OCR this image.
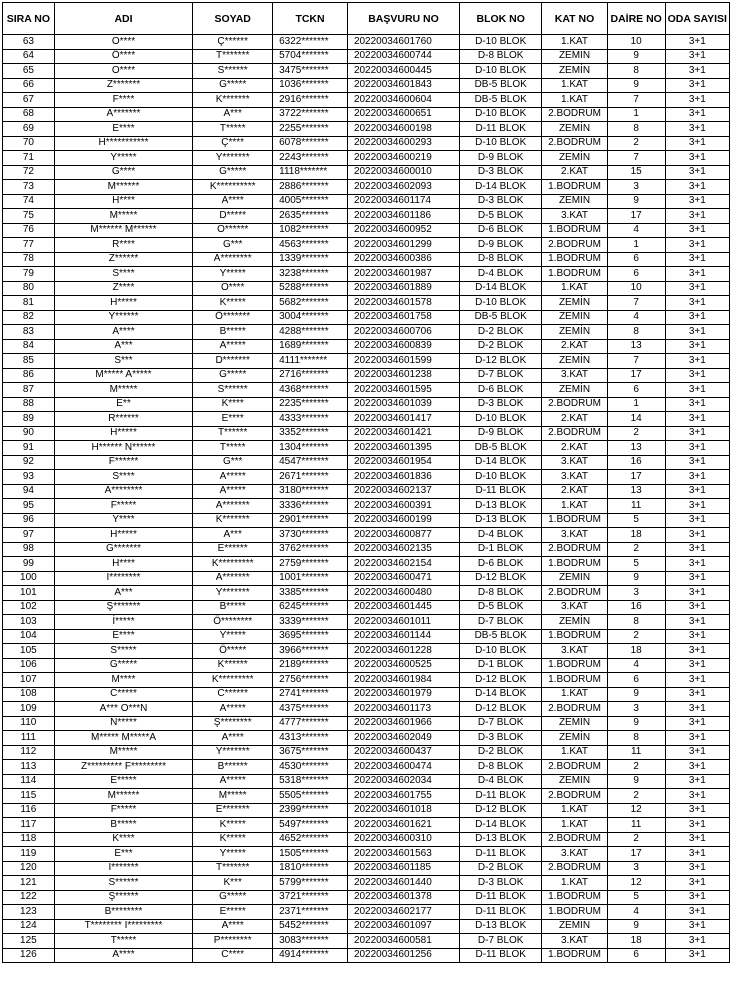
SIRA NO	ADI	SOYAD	TCKN	BAŞVURU NO	BLOK NO	KAT NO	DAİRE NO	ODA SAYISI
63	O****	Ç******	6322*******	20220034601760	D-10 BLOK	1.KAT	10	3+1
64	Ö****	T*******	5704*******	20220034600744	D-8 BLOK	ZEMİN	9	3+1
65	O****	S******	3475*******	20220034600445	D-10 BLOK	ZEMİN	8	3+1
66	Z*******	G*****	1036*******	20220034601843	DB-5 BLOK	1.KAT	9	3+1
67	F****	K*******	2916*******	20220034600604	DB-5 BLOK	1.KAT	7	3+1
68	A*******	A***	3722*******	20220034600651	D-10 BLOK	2.BODRUM	1	3+1
69	E****	T*****	2255*******	20220034600198	D-11 BLOK	ZEMİN	8	3+1
70	H***********	Ç****	6078*******	20220034600293	D-10 BLOK	2.BODRUM	2	3+1
71	Y*****	Y*******	2243*******	20220034600219	D-9 BLOK	ZEMİN	7	3+1
72	G****	G*****	1118*******	20220034600010	D-3 BLOK	2.KAT	15	3+1
73	M******	K**********	2886*******	20220034602093	D-14 BLOK	1.BODRUM	3	3+1
74	H****	A****	4005*******	20220034601174	D-3 BLOK	ZEMİN	9	3+1
75	M*****	D*****	2635*******	20220034601186	D-5 BLOK	3.KAT	17	3+1
76	M****** M******	O******	1082*******	20220034600952	D-6 BLOK	1.BODRUM	4	3+1
77	R****	G***	4563*******	20220034601299	D-9 BLOK	2.BODRUM	1	3+1
78	Z******	A********	1339*******	20220034600386	D-8 BLOK	1.BODRUM	6	3+1
79	S****	Y*****	3238*******	20220034601987	D-4 BLOK	1.BODRUM	6	3+1
80	Z****	O****	5288*******	20220034601889	D-14 BLOK	1.KAT	10	3+1
81	H*****	K*****	5682*******	20220034601578	D-10 BLOK	ZEMİN	7	3+1
82	Y******	Ö*******	3004*******	20220034601758	DB-5 BLOK	ZEMİN	4	3+1
83	A****	B*****	4288*******	20220034600706	D-2 BLOK	ZEMİN	8	3+1
84	A***	A*****	1689*******	20220034600839	D-2 BLOK	2.KAT	13	3+1
85	S***	D*******	4111*******	20220034601599	D-12 BLOK	ZEMİN	7	3+1
86	M***** A*****	G*****	2716*******	20220034601238	D-7 BLOK	3.KAT	17	3+1
87	M*****	S******	4368*******	20220034601595	D-6 BLOK	ZEMİN	6	3+1
88	E**	K****	2235*******	20220034601039	D-3 BLOK	2.BODRUM	1	3+1
89	R******	E****	4333*******	20220034601417	D-10 BLOK	2.KAT	14	3+1
90	H*****	T******	3352*******	20220034601421	D-9 BLOK	2.BODRUM	2	3+1
91	H****** N******	T*****	1304*******	20220034601395	DB-5 BLOK	2.KAT	13	3+1
92	F******	G***	4547*******	20220034601954	D-14 BLOK	3.KAT	16	3+1
93	S****	A*****	2671*******	20220034601836	D-10 BLOK	3.KAT	17	3+1
94	A********	A*****	3180*******	20220034602137	D-11 BLOK	2.KAT	13	3+1
95	F*****	A*******	3336*******	20220034600391	D-13 BLOK	1.KAT	11	3+1
96	Y****	K*******	2901*******	20220034600199	D-13 BLOK	1.BODRUM	5	3+1
97	H*****	A***	3730*******	20220034600877	D-4 BLOK	3.KAT	18	3+1
98	G*******	E******	3762*******	20220034602135	D-1 BLOK	2.BODRUM	2	3+1
99	H****	K*********	2759*******	20220034602154	D-6 BLOK	1.BODRUM	5	3+1
100	İ********	A*******	1001*******	20220034600471	D-12 BLOK	ZEMİN	9	3+1
101	A***	Y*******	3385*******	20220034600480	D-8 BLOK	2.BODRUM	3	3+1
102	Ş*******	B*****	6245*******	20220034601445	D-5 BLOK	3.KAT	16	3+1
103	İ*****	Ö********	3339*******	20220034601011	D-7 BLOK	ZEMİN	8	3+1
104	E****	Y*****	3695*******	20220034601144	DB-5 BLOK	1.BODRUM	2	3+1
105	S*****	Ö*****	3966*******	20220034601228	D-10 BLOK	3.KAT	18	3+1
106	G*****	K******	2189*******	20220034600525	D-1 BLOK	1.BODRUM	4	3+1
107	M****	K*********	2756*******	20220034601984	D-12 BLOK	1.BODRUM	6	3+1
108	C*****	C******	2741*******	20220034601979	D-14 BLOK	1.KAT	9	3+1
109	A*** O***N	A*****	4375*******	20220034601173	D-12 BLOK	2.BODRUM	3	3+1
110	N*****	Ş********	4777*******	20220034601966	D-7 BLOK	ZEMİN	9	3+1
111	M***** M*****A	A****	4313*******	20220034602049	D-3 BLOK	ZEMİN	8	3+1
112	M*****	Y*******	3675*******	20220034600437	D-2 BLOK	1.KAT	11	3+1
113	Z********* F*********	B******	4530*******	20220034600474	D-8 BLOK	2.BODRUM	2	3+1
114	E*****	A*****	5318*******	20220034602034	D-4 BLOK	ZEMİN	9	3+1
115	M******	M*****	5505*******	20220034601755	D-11 BLOK	2.BODRUM	2	3+1
116	F*****	E*******	2399*******	20220034601018	D-12 BLOK	1.KAT	12	3+1
117	B*****	K*****	5497*******	20220034601621	D-14 BLOK	1.KAT	11	3+1
118	K****	K*****	4652*******	20220034600310	D-13 BLOK	2.BODRUM	2	3+1
119	E***	Y*****	1505*******	20220034601563	D-11 BLOK	3.KAT	17	3+1
120	İ*******	T*******	1810*******	20220034601185	D-2 BLOK	2.BODRUM	3	3+1
121	S******	K***	5799*******	20220034601440	D-3 BLOK	1.KAT	12	3+1
122	Ş******	G*****	3721*******	20220034601378	D-11 BLOK	1.BODRUM	5	3+1
123	B********	E*****	2371*******	20220034602177	D-11 BLOK	1.BODRUM	4	3+1
124	T******** İ*********	A****	5452*******	20220034601097	D-13 BLOK	ZEMİN	9	3+1
125	T*****	P********	3083*******	20220034600581	D-7 BLOK	3.KAT	18	3+1
126	A****	C****	4914*******	20220034601256	D-11 BLOK	1.BODRUM	6	3+1
